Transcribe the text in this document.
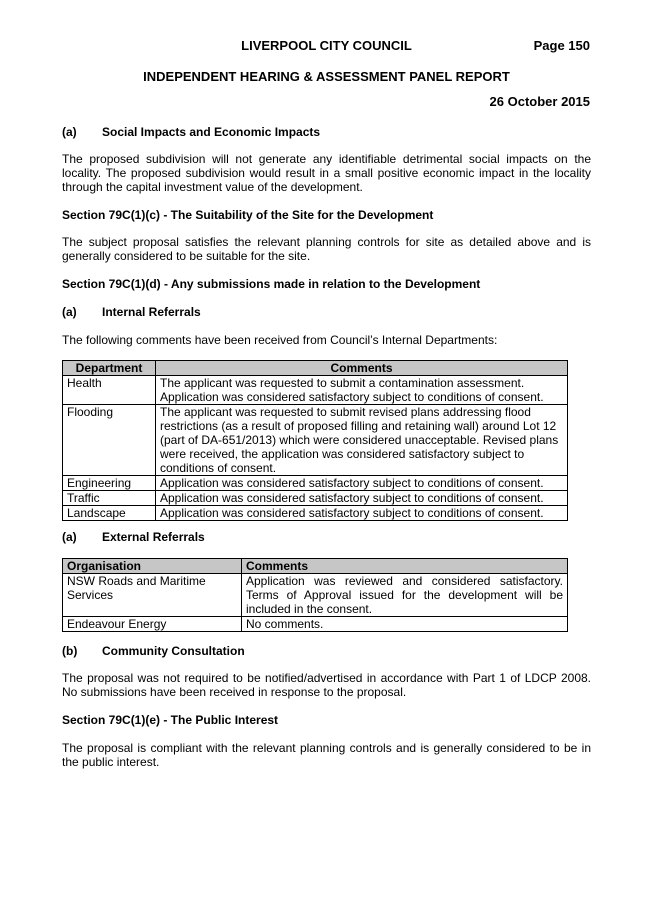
LIVERPOOL CITY COUNCIL	Page 150
INDEPENDENT HEARING & ASSESSMENT PANEL REPORT
26 October 2015
(a) Social Impacts and Economic Impacts
The proposed subdivision will not generate any identifiable detrimental social impacts on the locality. The proposed subdivision would result in a small positive economic impact in the locality through the capital investment value of the development.
Section 79C(1)(c) - The Suitability of the Site for the Development
The subject proposal satisfies the relevant planning controls for site as detailed above and is generally considered to be suitable for the site.
Section 79C(1)(d) - Any submissions made in relation to the Development
(a) Internal Referrals
The following comments have been received from Council’s Internal Departments:
Department	Comments
Health	The applicant was requested to submit a contamination assessment. Application was considered satisfactory subject to conditions of consent.
Flooding	The applicant was requested to submit revised plans addressing flood restrictions (as a result of proposed filling and retaining wall) around Lot 12 (part of DA-651/2013) which were considered unacceptable. Revised plans were received, the application was considered satisfactory subject to conditions of consent.
Engineering	Application was considered satisfactory subject to conditions of consent.
Traffic	Application was considered satisfactory subject to conditions of consent.
Landscape	Application was considered satisfactory subject to conditions of consent.
(a) External Referrals
Organisation	Comments
NSW Roads and Maritime Services	Application was reviewed and considered satisfactory. Terms of Approval issued for the development will be included in the consent.
Endeavour Energy	No comments.
(b) Community Consultation
The proposal was not required to be notified/advertised in accordance with Part 1 of LDCP 2008. No submissions have been received in response to the proposal.
Section 79C(1)(e) - The Public Interest
The proposal is compliant with the relevant planning controls and is generally considered to be in the public interest.
